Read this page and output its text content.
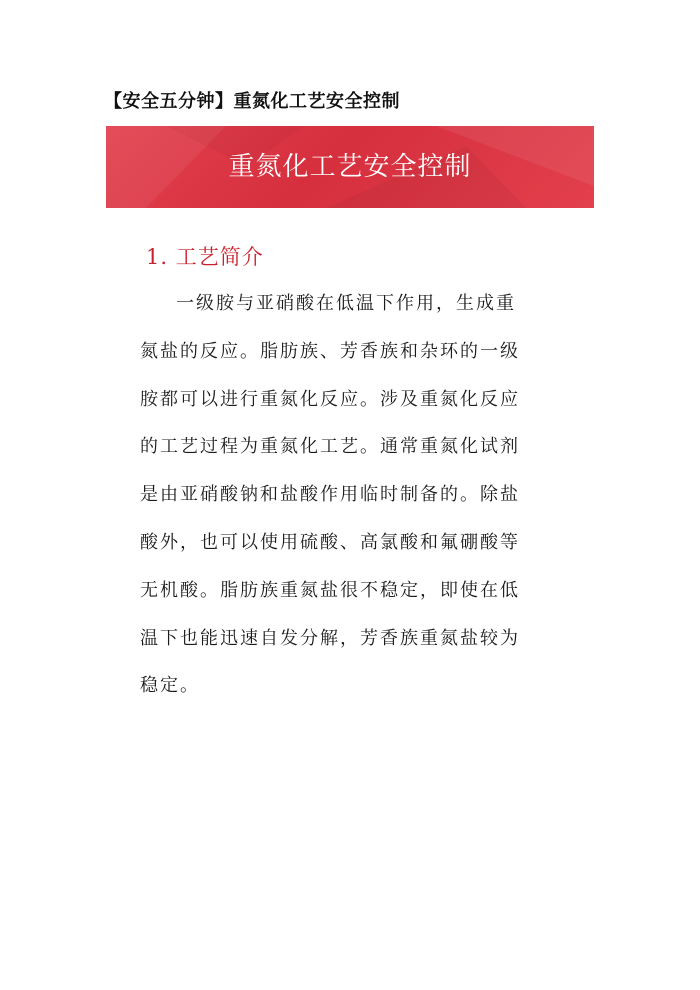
【安全五分钟】重氮化工艺安全控制
重氮化工艺安全控制
1. 工艺简介
一级胺与亚硝酸在低温下作用，生成重
氮盐的反应。脂肪族、芳香族和杂环的一级
胺都可以进行重氮化反应。涉及重氮化反应
的工艺过程为重氮化工艺。通常重氮化试剂
是由亚硝酸钠和盐酸作用临时制备的。除盐
酸外，也可以使用硫酸、高氯酸和氟硼酸等
无机酸。脂肪族重氮盐很不稳定，即使在低
温下也能迅速自发分解，芳香族重氮盐较为
稳定。
